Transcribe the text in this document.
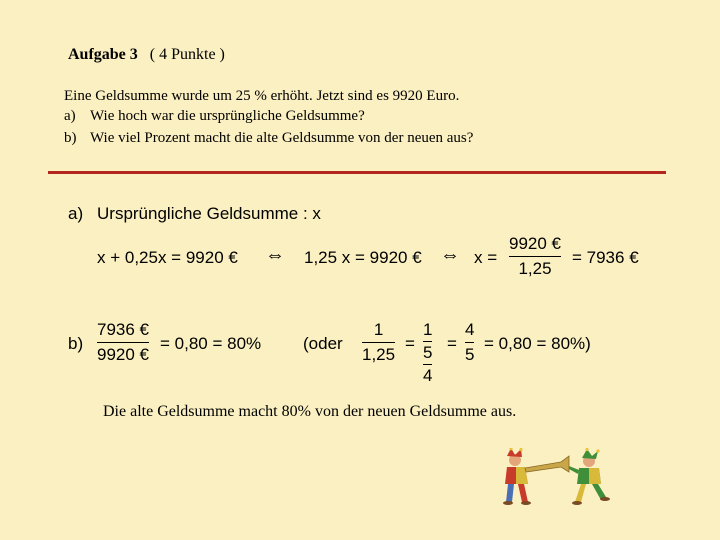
Aufgabe 3 ( 4 Punkte )
Eine Geldsumme wurde um 25 % erhöht. Jetzt sind es 9920 Euro.
a) Wie hoch war die ursprüngliche Geldsumme?
b) Wie viel Prozent macht die alte Geldsumme von der neuen aus?
a) Ursprüngliche Geldsumme : x
x + 0,25x = 9920 € ⇔ 1,25 x = 9920 € ⇔ x =
9920 €
1,25
= 7936 €
b)
7936 €
9920 €
= 0,80 = 80% (oder
1
1,25
=
1
5
4
=
4
5
= 0,80 = 80%)
Die alte Geldsumme macht 80% von der neuen Geldsumme aus.
